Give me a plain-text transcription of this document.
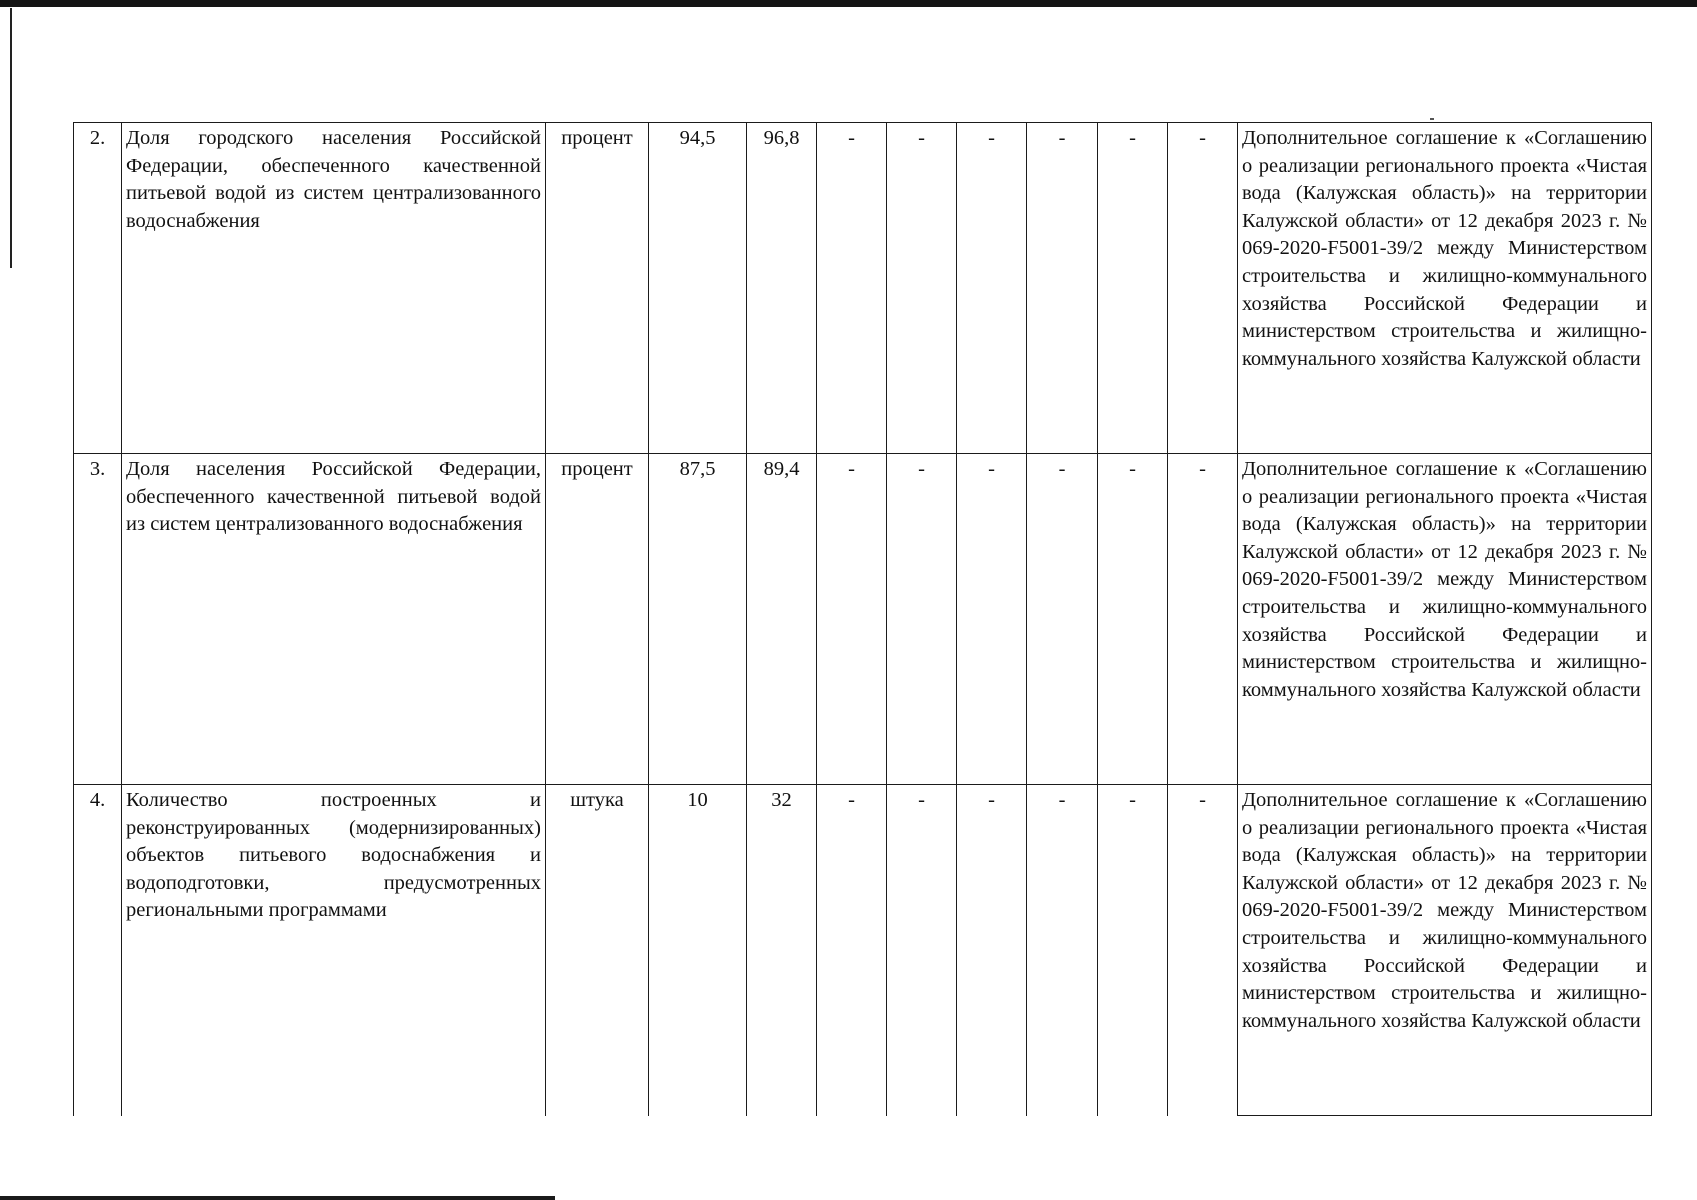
2.	Доля городского населения Российской Федерации, обеспеченного качественной питьевой водой из систем централизованного водоснабжения	процент	94,5	96,8	-	-	-	-	-	-	Дополнительное соглашение к «Соглашению о реализации регионального проекта «Чистая вода (Калужская область)» на территории Калужской области» от 12 декабря 2023 г. № 069-2020-F5001-39/2 между Министерством строительства и жилищно-коммунального хозяйства Российской Федерации и министерством строительства и жилищно-коммунального хозяйства Калужской области
3.	Доля населения Российской Федерации, обеспеченного качественной питьевой водой из систем централизованного водоснабжения	процент	87,5	89,4	-	-	-	-	-	-	Дополнительное соглашение к «Соглашению о реализации регионального проекта «Чистая вода (Калужская область)» на территории Калужской области» от 12 декабря 2023 г. № 069-2020-F5001-39/2 между Министерством строительства и жилищно-коммунального хозяйства Российской Федерации и министерством строительства и жилищно-коммунального хозяйства Калужской области
4.	Количество построенных и реконструированных (модернизированных) объектов питьевого водоснабжения и водоподготовки, предусмотренных региональными программами	штука	10	32	-	-	-	-	-	-	Дополнительное соглашение к «Соглашению о реализации регионального проекта «Чистая вода (Калужская область)» на территории Калужской области» от 12 декабря 2023 г. № 069-2020-F5001-39/2 между Министерством строительства и жилищно-коммунального хозяйства Российской Федерации и министерством строительства и жилищно-коммунального хозяйства Калужской области
